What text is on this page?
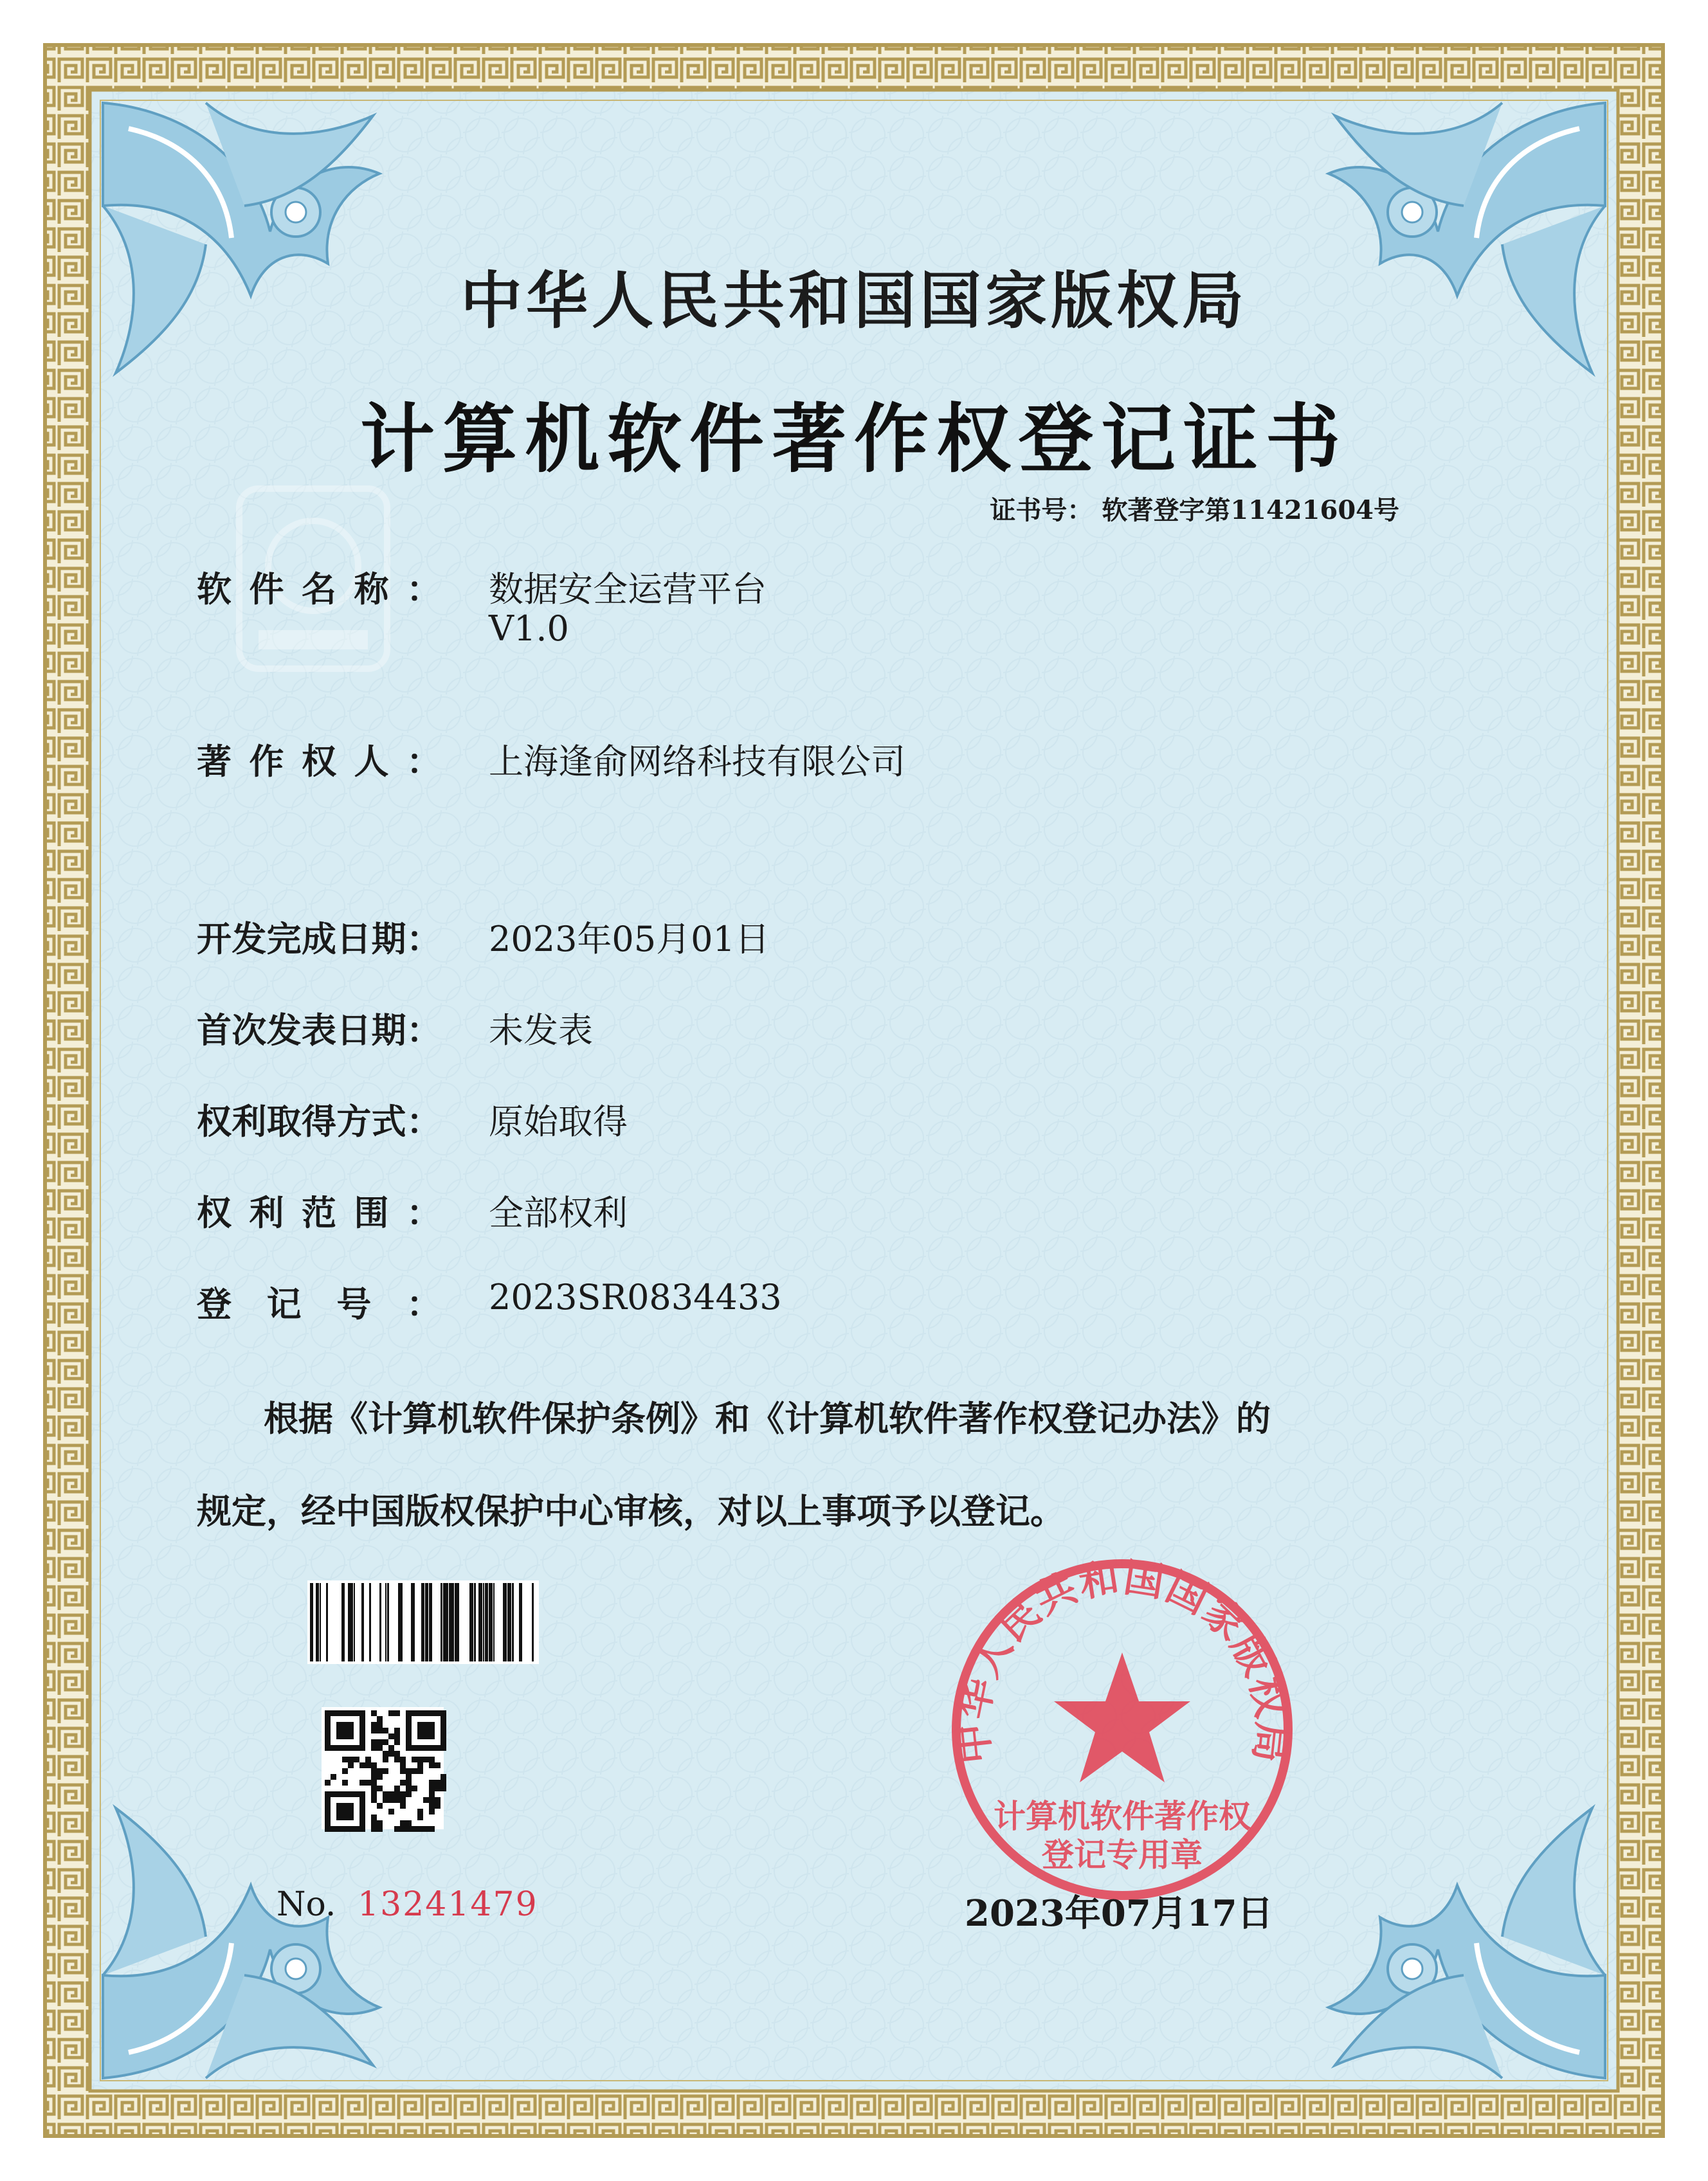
中华人民共和国国家版权局
计算机软件著作权
登记专用章
中华人民共和国国家版权局
计算机软件著作权登记证书
证书号： 软著登字第11421604号
软 件 名 称 ： 数据安全运营平台
V1.0
著 作 权 人 ： 上海逢俞网络科技有限公司
开 发 完 成 日 期 ： 2023年05月01日
首 次 发 表 日 期 ： 未发表
权 利 取 得 方 式 ： 原始取得
权 利 范 围 ： 全部权利
登 记 号 ： 2023SR0834433
根据《计算机软件保护条例》和《计算机软件著作权登记办法》的
规定，经中国版权保护中心审核，对以上事项予以登记。
No. 13241479	2023年07月17日
